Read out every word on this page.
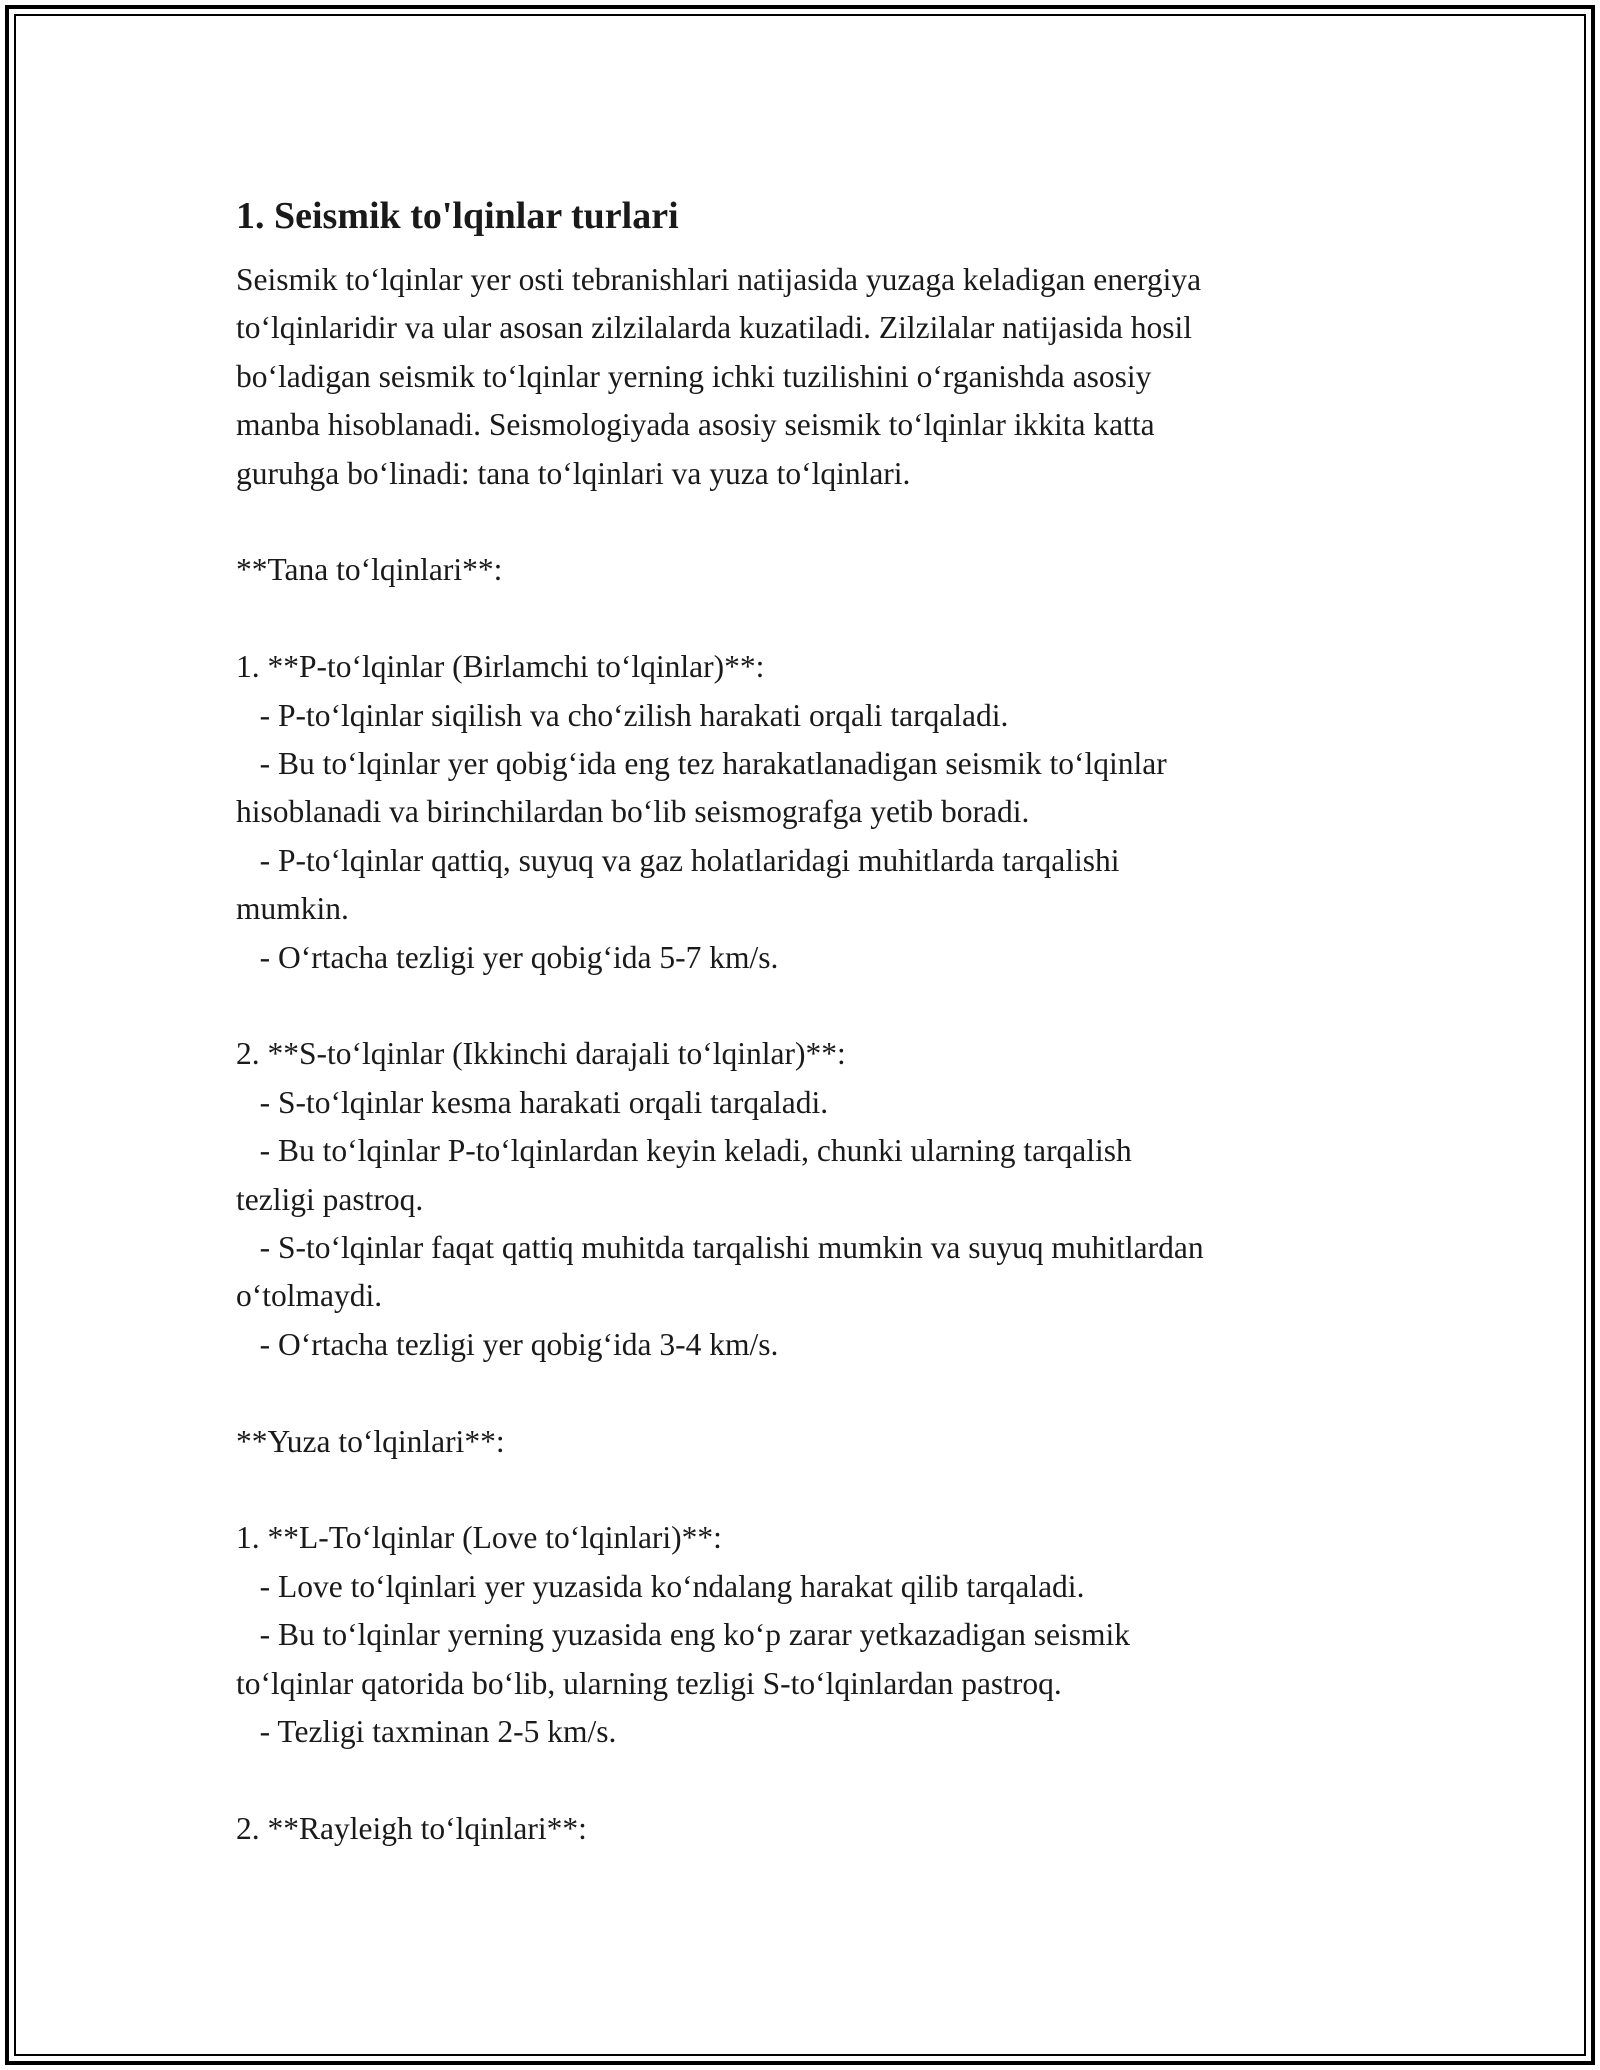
1. Seismik to'lqinlar turlari
Seismik to‘lqinlar yer osti tebranishlari natijasida yuzaga keladigan energiya
to‘lqinlaridir va ular asosan zilzilalarda kuzatiladi. Zilzilalar natijasida hosil
bo‘ladigan seismik to‘lqinlar yerning ichki tuzilishini o‘rganishda asosiy
manba hisoblanadi. Seismologiyada asosiy seismik to‘lqinlar ikkita katta
guruhga bo‘linadi: tana to‘lqinlari va yuza to‘lqinlari.
**Tana to‘lqinlari**:
1. **P-to‘lqinlar (Birlamchi to‘lqinlar)**:
- P-to‘lqinlar siqilish va cho‘zilish harakati orqali tarqaladi.
- Bu to‘lqinlar yer qobig‘ida eng tez harakatlanadigan seismik to‘lqinlar
hisoblanadi va birinchilardan bo‘lib seismografga yetib boradi.
- P-to‘lqinlar qattiq, suyuq va gaz holatlaridagi muhitlarda tarqalishi
mumkin.
- O‘rtacha tezligi yer qobig‘ida 5-7 km/s.
2. **S-to‘lqinlar (Ikkinchi darajali to‘lqinlar)**:
- S-to‘lqinlar kesma harakati orqali tarqaladi.
- Bu to‘lqinlar P-to‘lqinlardan keyin keladi, chunki ularning tarqalish
tezligi pastroq.
- S-to‘lqinlar faqat qattiq muhitda tarqalishi mumkin va suyuq muhitlardan
o‘tolmaydi.
- O‘rtacha tezligi yer qobig‘ida 3-4 km/s.
**Yuza to‘lqinlari**:
1. **L-To‘lqinlar (Love to‘lqinlari)**:
- Love to‘lqinlari yer yuzasida ko‘ndalang harakat qilib tarqaladi.
- Bu to‘lqinlar yerning yuzasida eng ko‘p zarar yetkazadigan seismik
to‘lqinlar qatorida bo‘lib, ularning tezligi S-to‘lqinlardan pastroq.
- Tezligi taxminan 2-5 km/s.
2. **Rayleigh to‘lqinlari**:
